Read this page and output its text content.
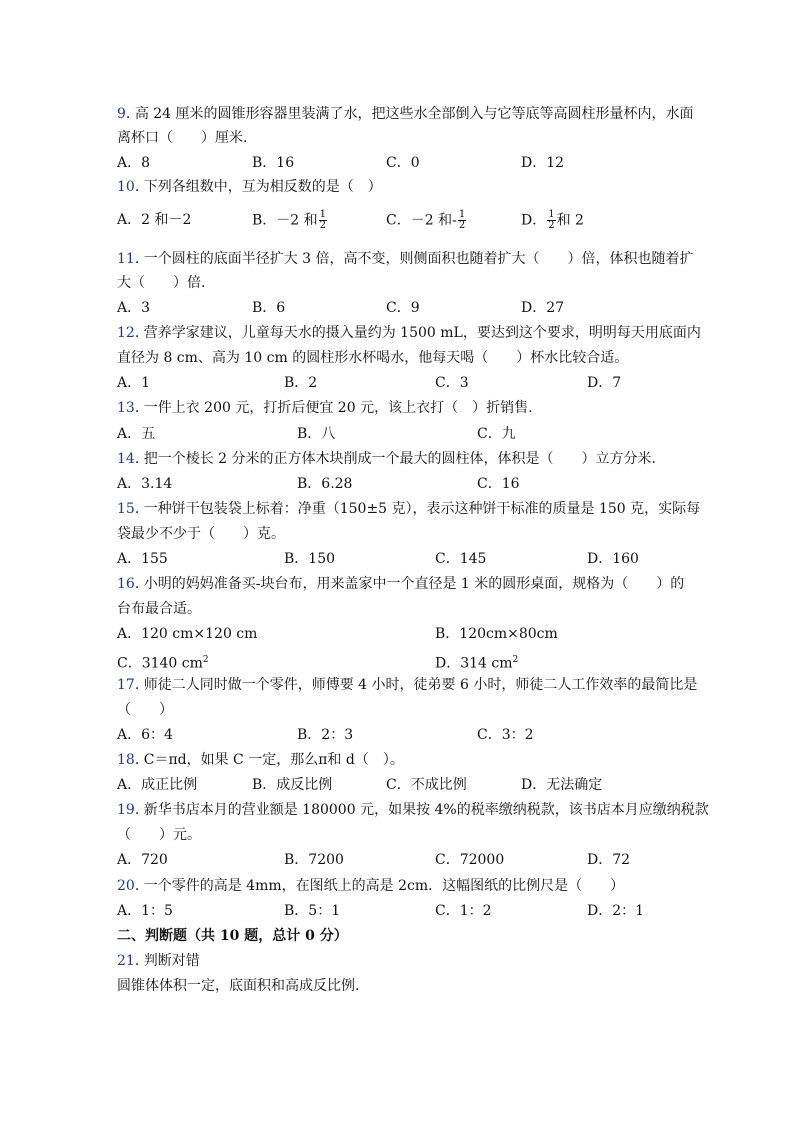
9. 高 24 厘米的圆锥形容器里装满了水，把这些水全部倒入与它等底等高圆柱形量杯内，水面
离杯口（　　）厘米.
A．8	B．16	C．0	D．12
10. 下列各组数中，互为相反数的是（　）
A．2 和－2	B．－2 和 $\frac{1}{2}$	C．－2 和- $\frac{1}{2}$	D． $\frac{1}{2}$ 和 2
11. 一个圆柱的底面半径扩大 3 倍，高不变，则侧面积也随着扩大（　　）倍，体积也随着扩
大（　　）倍.
A．3	B．6	C．9	D．27
12. 营养学家建议，儿童每天水的摄入量约为 1500 mL，要达到这个要求，明明每天用底面内
直径为 8 cm、高为 10 cm 的圆柱形水杯喝水，他每天喝（　　）杯水比较合适。
A．1	B．2	C．3	D．7
13. 一件上衣 200 元，打折后便宜 20 元，该上衣打（　）折销售.
A．五	B．八	C．九
14. 把一个棱长 2 分米的正方体木块削成一个最大的圆柱体，体积是（　　）立方分米.
A．3.14	B．6.28	C．16
15. 一种饼干包装袋上标着：净重（150±5 克），表示这种饼干标准的质量是 150 克，实际每
袋最少不少于（　　）克。
A．155	B．150	C．145	D．160
16. 小明的妈妈准备买-块台布，用来盖家中一个直径是 1 米的圆形桌面，规格为（　　）的
台布最合适。
A．120 cm×120 cm	B．120cm×80cm
C．3140 $cm^2$	D．314 $cm^2$
17. 师徒二人同时做一个零件，师傅要 4 小时，徒弟要 6 小时，师徒二人工作效率的最简比是
（　　）
A．6：4	B．2：3	C．3：2
18. C＝πd，如果 C 一定，那么π和 d（　）。
A．成正比例	B．成反比例	C．不成比例	D．无法确定
19. 新华书店本月的营业额是 180000 元，如果按 4%的税率缴纳税款，该书店本月应缴纳税款
（　　）元。
A．720	B．7200	C．72000	D．72
20. 一个零件的高是 4mm，在图纸上的高是 2cm．这幅图纸的比例尺是（　　）
A．1：5	B．5：1	C．1：2	D．2：1
二、判断题（共 10 题，总计 0 分）
21. 判断对错
圆锥体体积一定，底面积和高成反比例.
